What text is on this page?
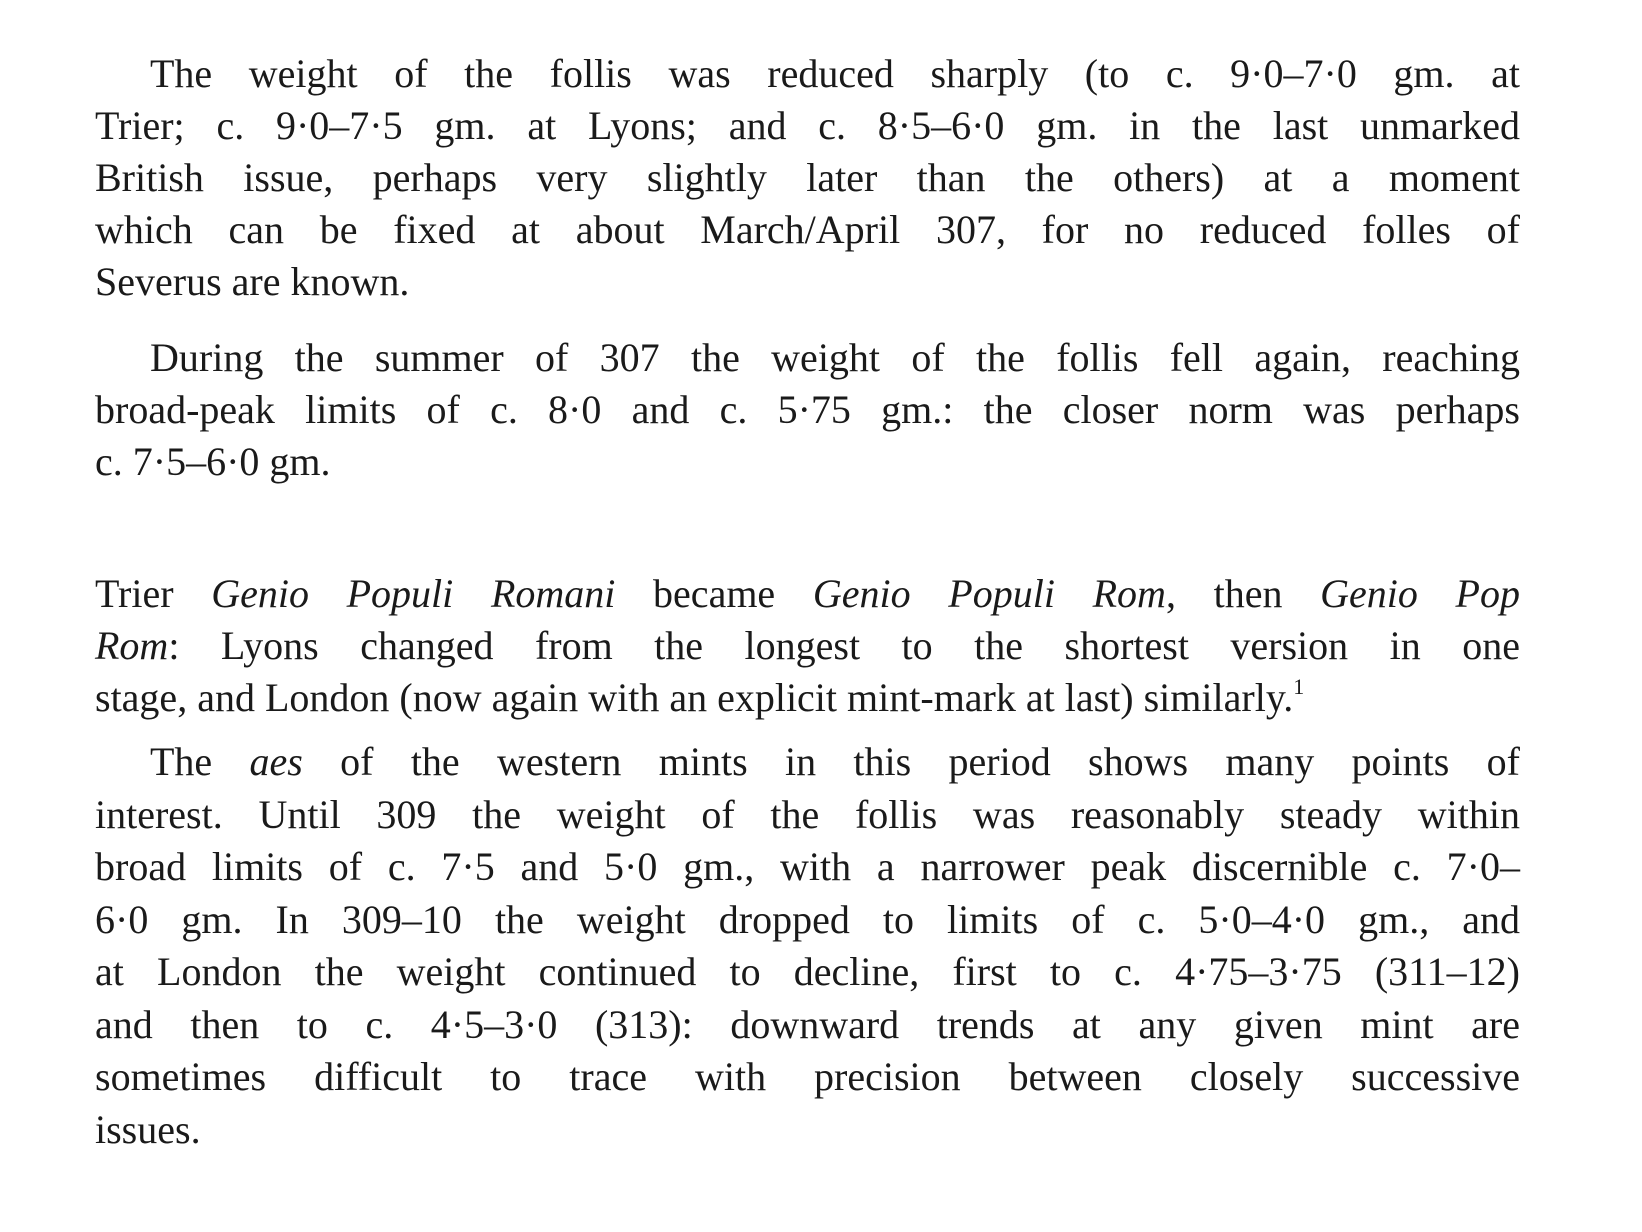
The weight of the follis was reduced sharply (to c. 9·0–7·0 gm. at
Trier; c. 9·0–7·5 gm. at Lyons; and c. 8·5–6·0 gm. in the last unmarked
British issue, perhaps very slightly later than the others) at a moment
which can be fixed at about March/April 307, for no reduced folles of
Severus are known.
During the summer of 307 the weight of the follis fell again, reaching
broad-peak limits of c. 8·0 and c. 5·75 gm.: the closer norm was perhaps
c. 7·5–6·0 gm.
Trier Genio Populi Romani became Genio Populi Rom, then Genio Pop
Rom: Lyons changed from the longest to the shortest version in one
stage, and London (now again with an explicit mint-mark at last) similarly.$^1$
The aes of the western mints in this period shows many points of
interest. Until 309 the weight of the follis was reasonably steady within
broad limits of c. 7·5 and 5·0 gm., with a narrower peak discernible c. 7·0–
6·0 gm. In 309–10 the weight dropped to limits of c. 5·0–4·0 gm., and
at London the weight continued to decline, first to c. 4·75–3·75 (311–12)
and then to c. 4·5–3·0 (313): downward trends at any given mint are
sometimes difficult to trace with precision between closely successive
issues.
